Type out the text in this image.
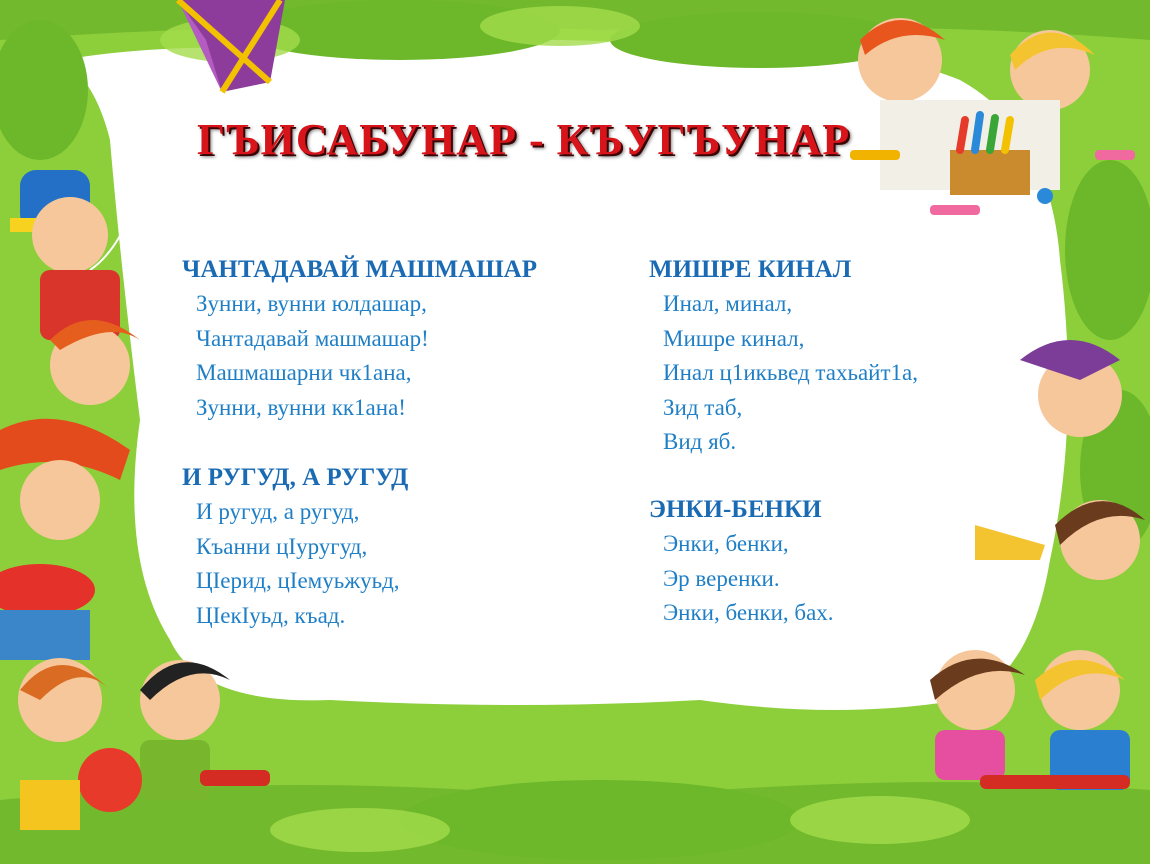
ГЪИСАБУНАР - КЪУГЪУНАР
ЧАНТАДАВАЙ МАШМАШАР
Зунни, вунни юлдашар,
Чантадавай машмашар!
Машмашарни чк1ана,
Зунни, вунни кк1ана!
И РУГУД, А РУГУД
И ругуд, а ругуд,
Къанни цIуругуд,
ЦIерид, цIемуьжуьд,
ЦIекIуьд, къад.
МИШРЕ КИНАЛ
Инал, минал,
Мишре кинал,
Инал ц1икьвед тахьайт1а,
Зид таб,
Вид яб.
ЭНКИ-БЕНКИ
Энки, бенки,
Эр веренки.
Энки, бенки, бах.
